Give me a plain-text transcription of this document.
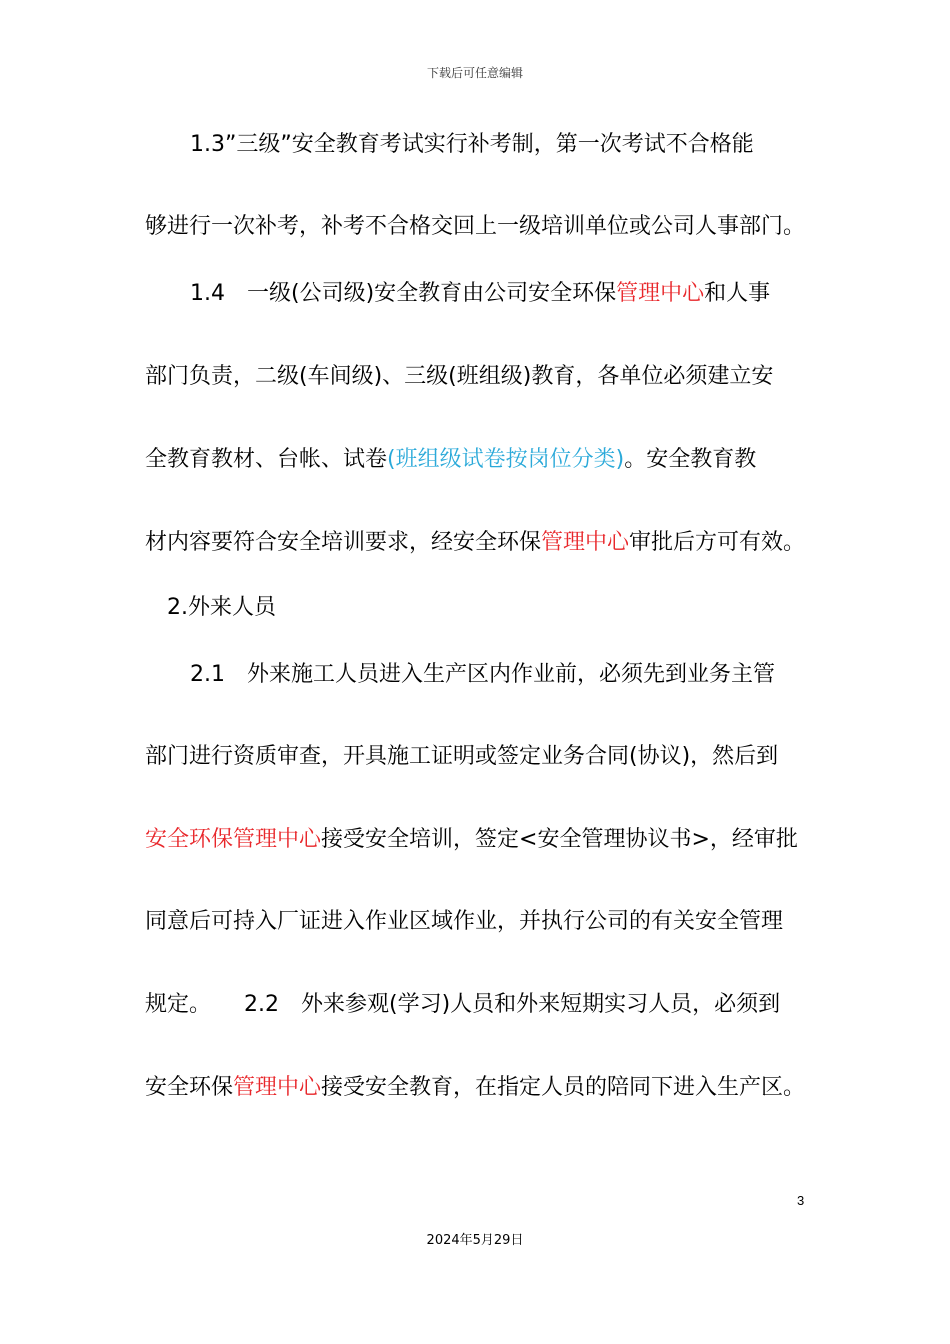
下载后可任意编辑
1.3”三级”安全教育考试实行补考制，第一次考试不合格能
够进行一次补考，补考不合格交回上一级培训单位或公司人事部门。
1.4　一级(公司级)安全教育由公司安全环保管理中心和人事
部门负责，二级(车间级)、三级(班组级)教育，各单位必须建立安
全教育教材、台帐、试卷(班组级试卷按岗位分类)。安全教育教
材内容要符合安全培训要求，经安全环保管理中心审批后方可有效。
2.外来人员
2.1　外来施工人员进入生产区内作业前，必须先到业务主管
部门进行资质审查，开具施工证明或签定业务合同(协议)，然后到
安全环保管理中心接受安全培训，签定<安全管理协议书>，经审批
同意后可持入厂证进入作业区域作业，并执行公司的有关安全管理
规定。　　2.2　外来参观(学习)人员和外来短期实习人员，必须到
安全环保管理中心接受安全教育，在指定人员的陪同下进入生产区。
3
2024年5月29日
